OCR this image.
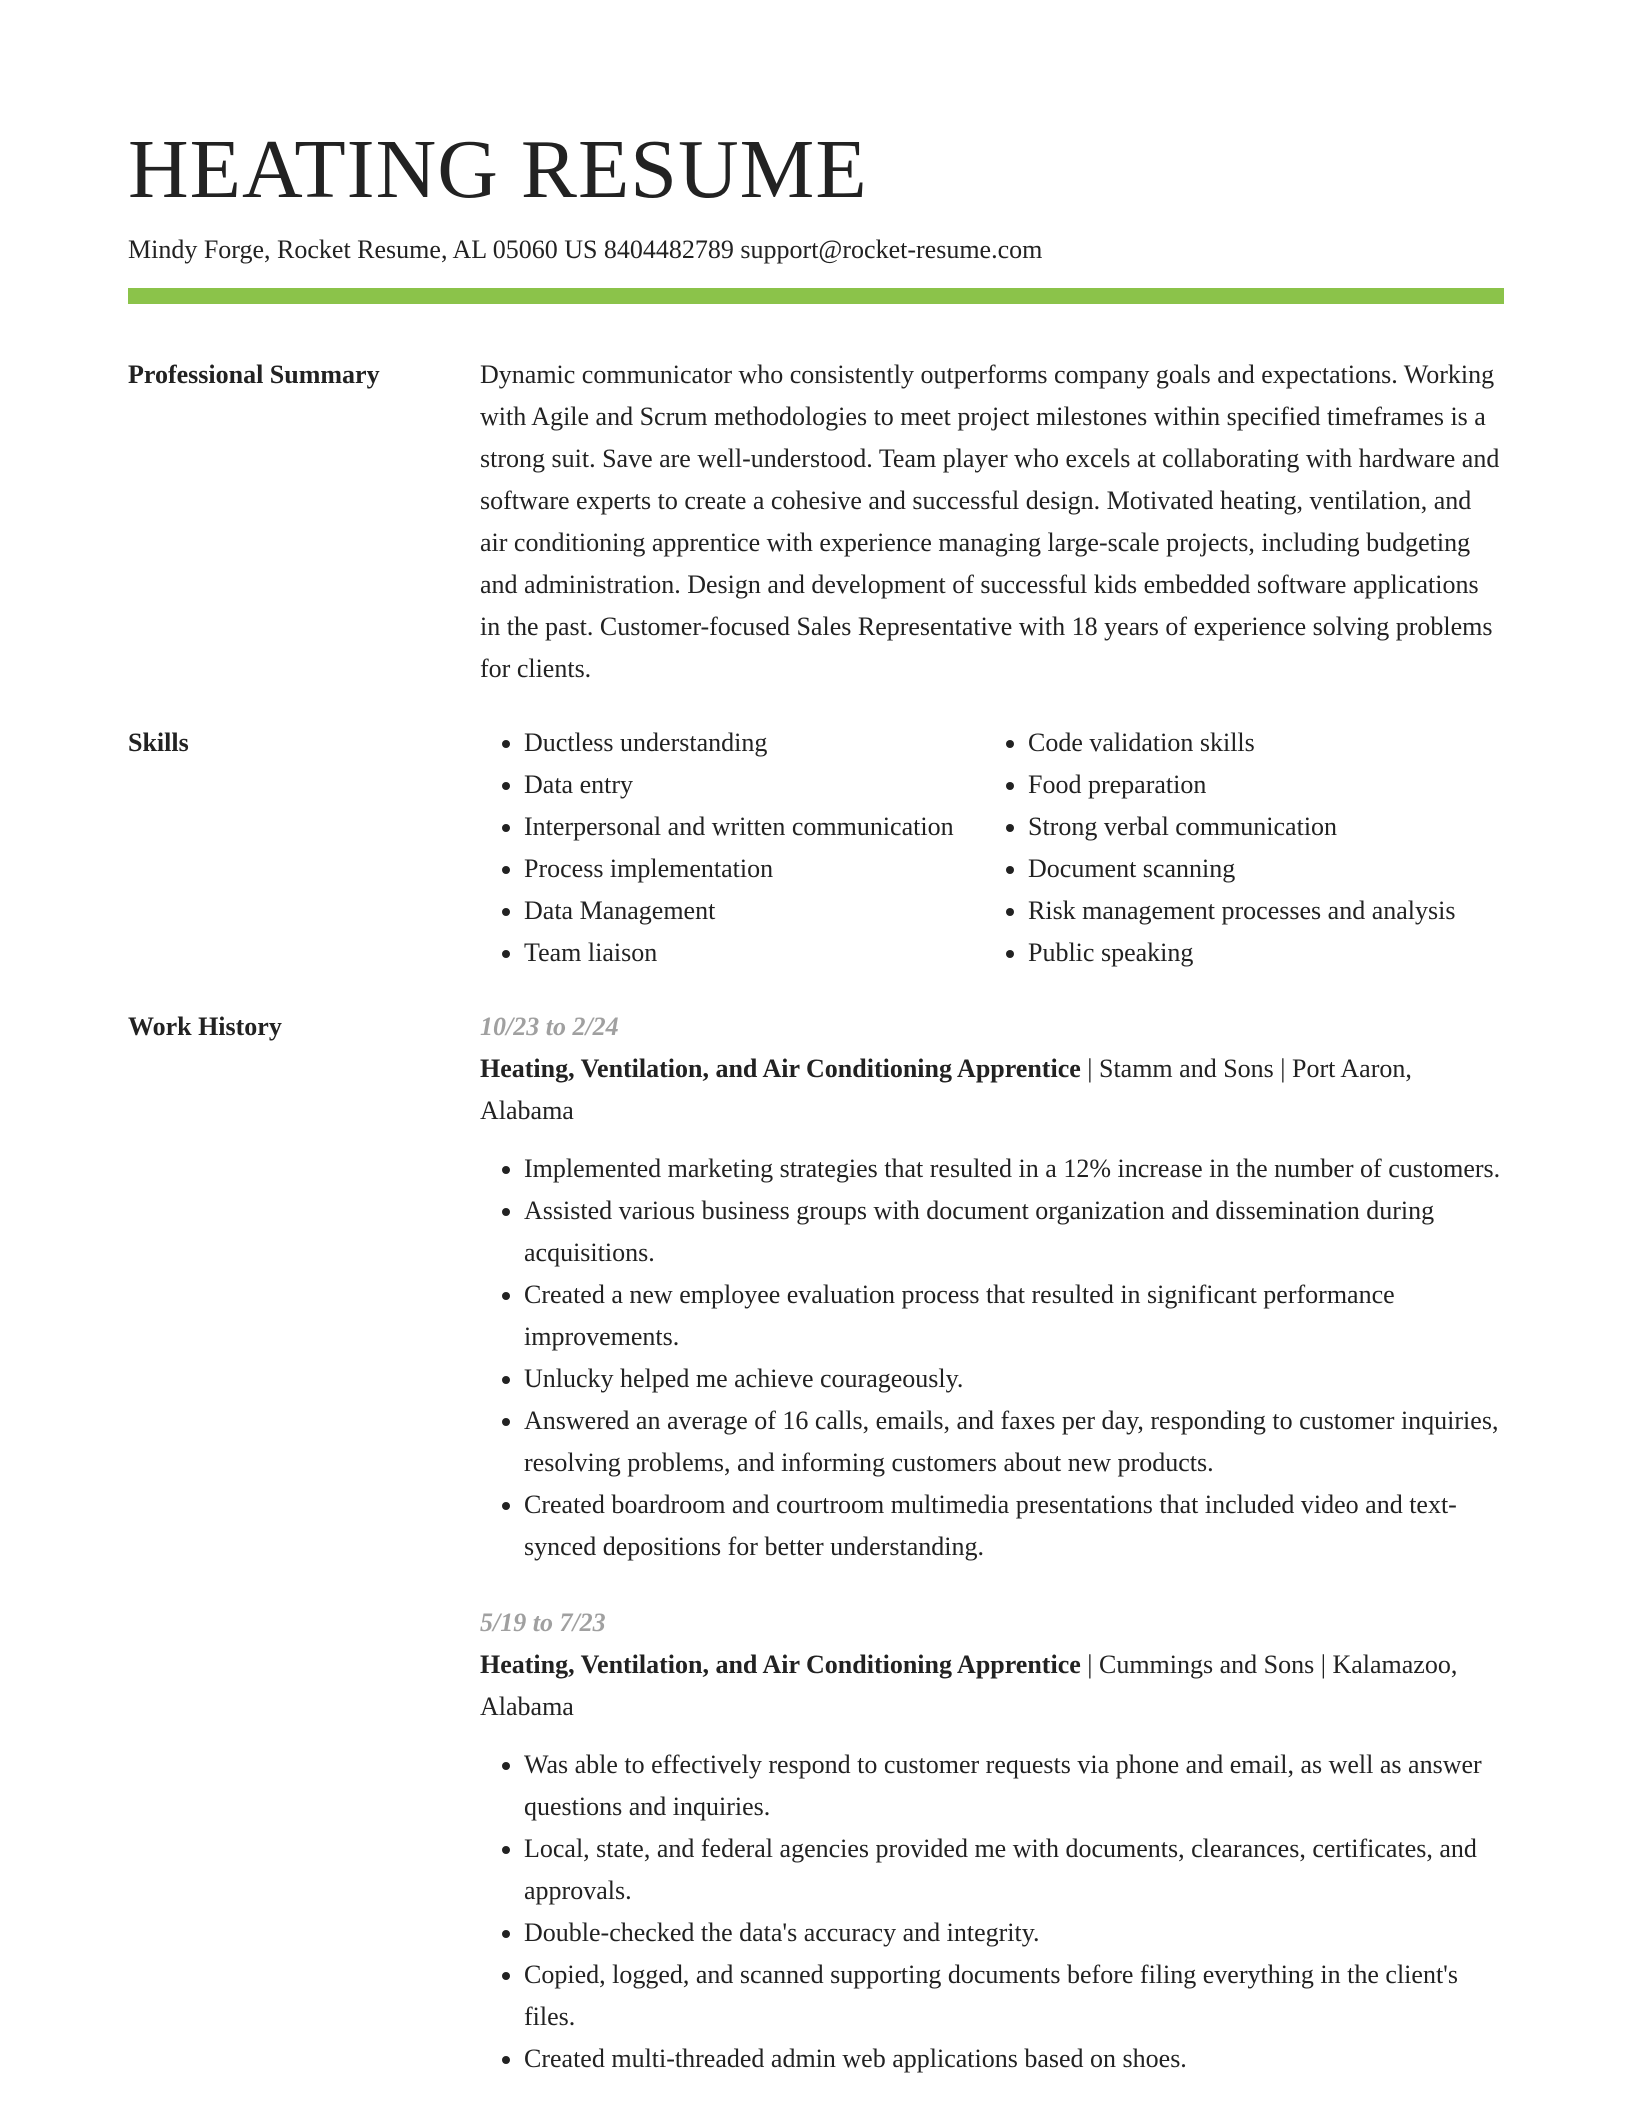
HEATING RESUME
Mindy Forge, Rocket Resume, AL 05060 US 8404482789 support@rocket-resume.com
Professional Summary	Dynamic communicator who consistently outperforms company goals and expectations. Working with Agile and Scrum methodologies to meet project milestones within specified timeframes is a strong suit. Save are well-understood. Team player who excels at collaborating with hardware and software experts to create a cohesive and successful design. Motivated heating, ventilation, and air conditioning apprentice with experience managing large-scale projects, including budgeting and administration. Design and development of successful kids embedded software applications in the past. Customer-focused Sales Representative with 18 years of experience solving problems for clients.
Skills
•	Ductless understanding
• Data entry
• Interpersonal and written communication
• Process implementation
• Data Management
• Team liaison
• Code validation skills
• Food preparation
• Strong verbal communication
• Document scanning
• Risk management processes and analysis
• Public speaking
Work History	10/23 to 2/24
Heating, Ventilation, and Air Conditioning Apprentice | Stamm and Sons | Port Aaron, Alabama
• Implemented marketing strategies that resulted in a 12% increase in the number of customers.
• Assisted various business groups with document organization and dissemination during acquisitions.
• Created a new employee evaluation process that resulted in significant performance improvements.
• Unlucky helped me achieve courageously.
• Answered an average of 16 calls, emails, and faxes per day, responding to customer inquiries, resolving problems, and informing customers about new products.
• Created boardroom and courtroom multimedia presentations that included video and text-synced depositions for better understanding.
5/19 to 7/23
Heating, Ventilation, and Air Conditioning Apprentice | Cummings and Sons | Kalamazoo, Alabama
• Was able to effectively respond to customer requests via phone and email, as well as answer questions and inquiries.
• Local, state, and federal agencies provided me with documents, clearances, certificates, and approvals.
• Double-checked the data's accuracy and integrity.
• Copied, logged, and scanned supporting documents before filing everything in the client's files.
• Created multi-threaded admin web applications based on shoes.
